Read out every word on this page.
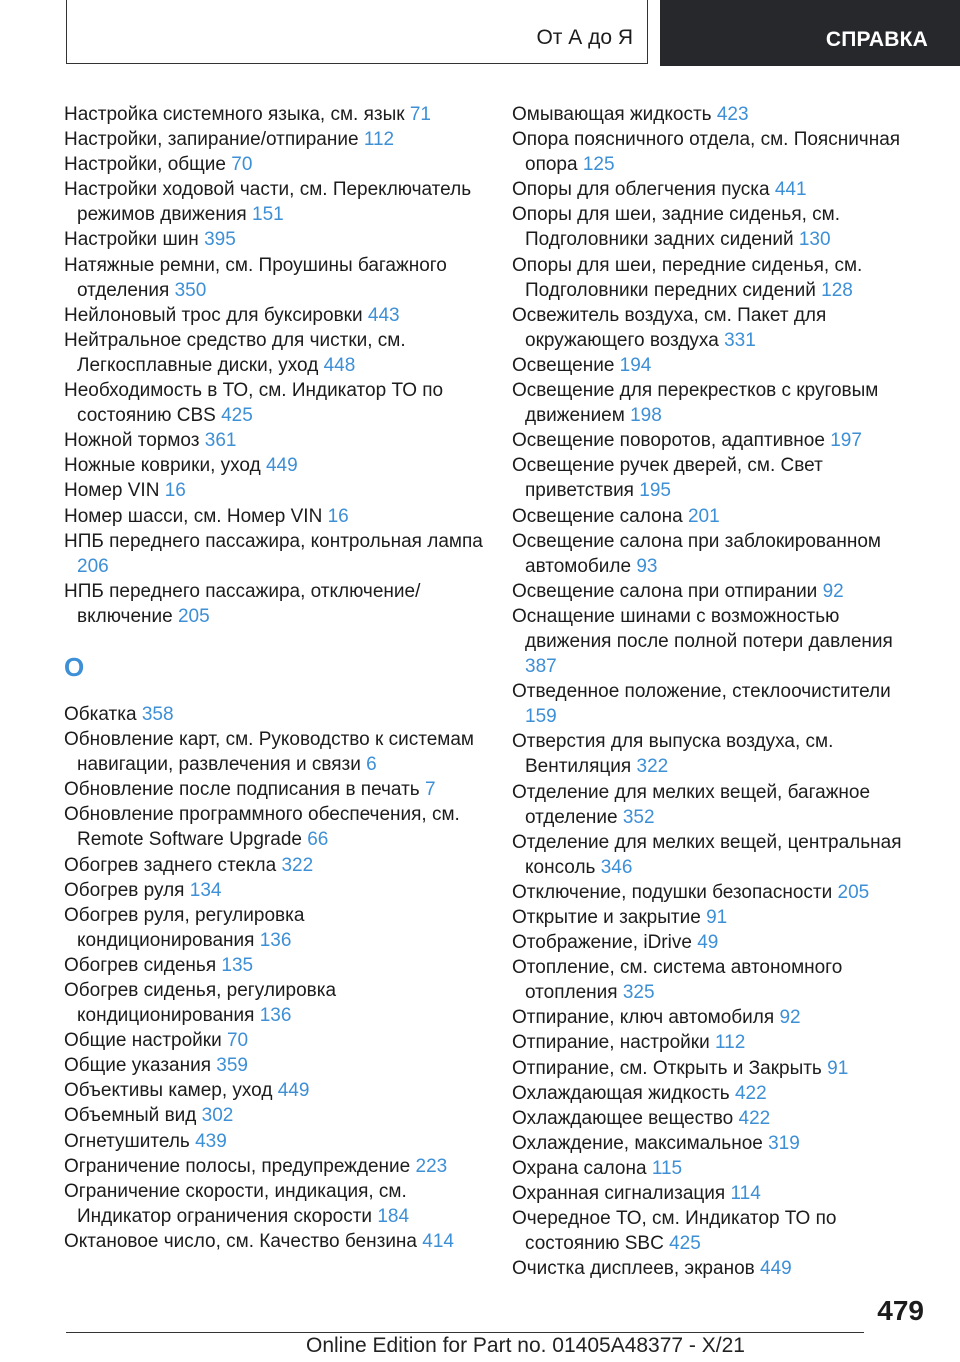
От А до Я	СПРАВКА
Настройка системного языка, см. язык 71
Настройки, запирание/отпирание 112
Настройки, общие 70
Настройки ходовой части, см. Переключатель режимов движения 151
Настройки шин 395
Натяжные ремни, см. Проушины багажного отделения 350
Нейлоновый трос для буксировки 443
Нейтральное средство для чистки, см. Легкосплавные диски, уход 448
Необходимость в ТО, см. Индикатор ТО по состоянию CBS 425
Ножной тормоз 361
Ножные коврики, уход 449
Номер VIN 16
Номер шасси, см. Номер VIN 16
НПБ переднего пассажира, контрольная лампа 206
НПБ переднего пассажира, отключение/включение 205
О
Обкатка 358
Обновление карт, см. Руководство к системам навигации, развлечения и связи 6
Обновление после подписания в печать 7
Обновление программного обеспечения, см. Remote Software Upgrade 66
Обогрев заднего стекла 322
Обогрев руля 134
Обогрев руля, регулировка кондиционирования 136
Обогрев сиденья 135
Обогрев сиденья, регулировка кондиционирования 136
Общие настройки 70
Общие указания 359
Объективы камер, уход 449
Объемный вид 302
Огнетушитель 439
Ограничение полосы, предупреждение 223
Ограничение скорости, индикация, см. Индикатор ограничения скорости 184
Октановое число, см. Качество бензина 414
Омывающая жидкость 423
Опора поясничного отдела, см. Поясничная опора 125
Опоры для облегчения пуска 441
Опоры для шеи, задние сиденья, см. Подголовники задних сидений 130
Опоры для шеи, передние сиденья, см. Подголовники передних сидений 128
Освежитель воздуха, см. Пакет для окружающего воздуха 331
Освещение 194
Освещение для перекрестков с круговым движением 198
Освещение поворотов, адаптивное 197
Освещение ручек дверей, см. Свет приветствия 195
Освещение салона 201
Освещение салона при заблокированном автомобиле 93
Освещение салона при отпирании 92
Оснащение шинами с возможностью движения после полной потери давления 387
Отведенное положение, стеклоочистители 159
Отверстия для выпуска воздуха, см. Вентиляция 322
Отделение для мелких вещей, багажное отделение 352
Отделение для мелких вещей, центральная консоль 346
Отключение, подушки безопасности 205
Открытие и закрытие 91
Отображение, iDrive 49
Отопление, см. система автономного отопления 325
Отпирание, ключ автомобиля 92
Отпирание, настройки 112
Отпирание, см. Открыть и Закрыть 91
Охлаждающая жидкость 422
Охлаждающее вещество 422
Охлаждение, максимальное 319
Охрана салона 115
Охранная сигнализация 114
Очередное ТО, см. Индикатор ТО по состоянию SBC 425
Очистка дисплеев, экранов 449
479
Online Edition for Part no. 01405A48377 - X/21
